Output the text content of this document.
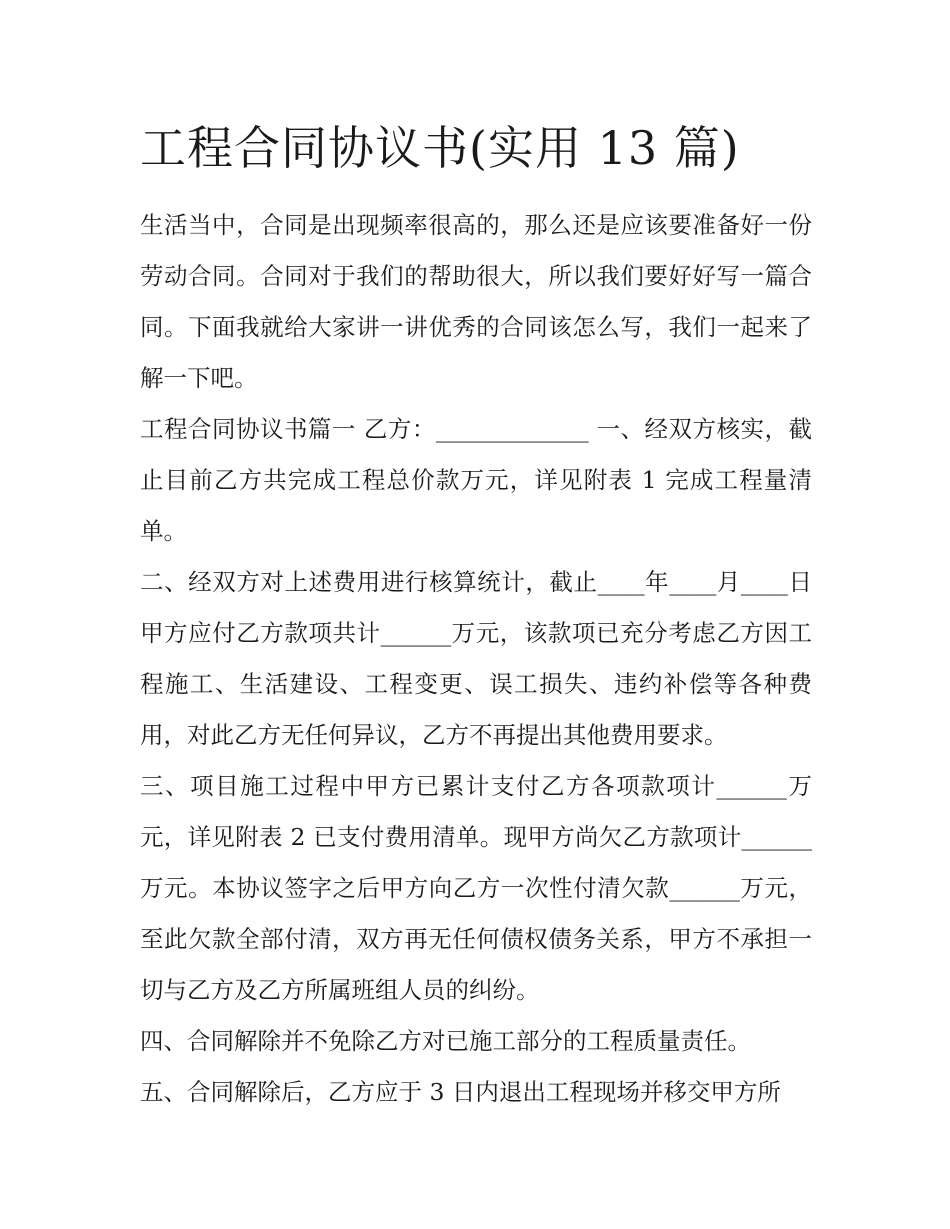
工程合同协议书(实用 13 篇)

生活当中，合同是出现频率很高的，那么还是应该要准备好一份劳动合同。合同对于我们的帮助很大，所以我们要好好写一篇合同。下面我就给大家讲一讲优秀的合同该怎么写，我们一起来了解一下吧。

工程合同协议书篇一 乙方：_____________ 一、经双方核实，截止目前乙方共完成工程总价款万元，详见附表 1 完成工程量清单。

二、经双方对上述费用进行核算统计，截止____年____月____日甲方应付乙方款项共计______万元，该款项已充分考虑乙方因工程施工、生活建设、工程变更、误工损失、违约补偿等各种费用，对此乙方无任何异议，乙方不再提出其他费用要求。

三、项目施工过程中甲方已累计支付乙方各项款项计______万元，详见附表 2 已支付费用清单。现甲方尚欠乙方款项计______万元。本协议签字之后甲方向乙方一次性付清欠款______万元，至此欠款全部付清，双方再无任何债权债务关系，甲方不承担一切与乙方及乙方所属班组人员的纠纷。

四、合同解除并不免除乙方对已施工部分的工程质量责任。

五、合同解除后，乙方应于 3 日内退出工程现场并移交甲方所
